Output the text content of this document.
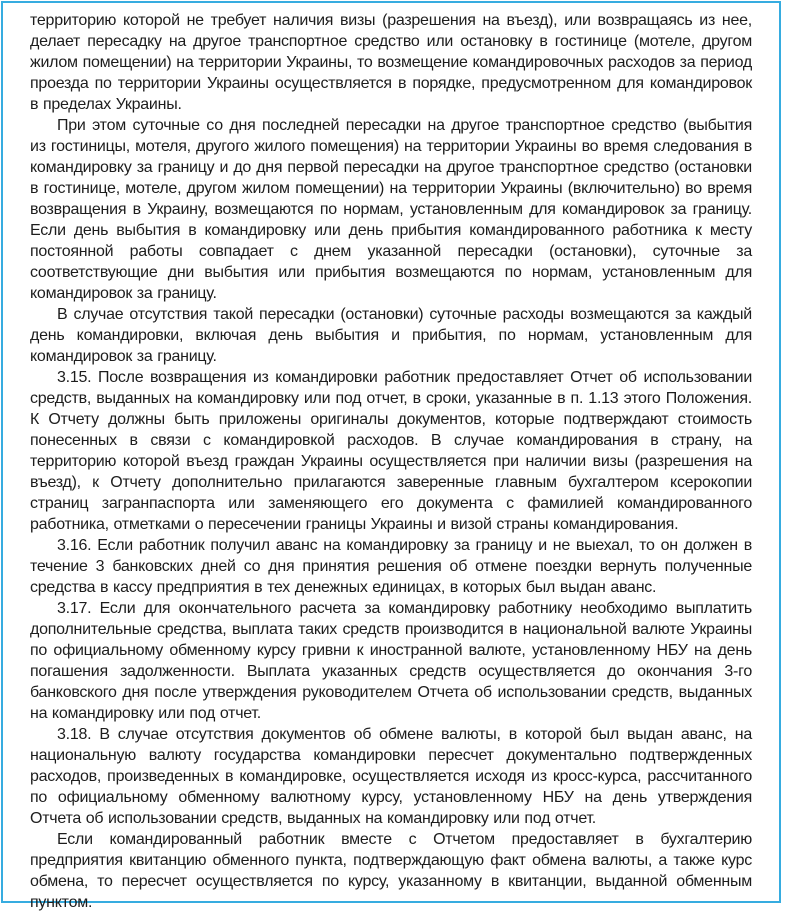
территорию которой не требует наличия визы (разрешения на въезд), или возвращаясь из нее, делает пересадку на другое транспортное средство или остановку в гостинице (мотеле, другом жилом помещении) на территории Украины, то возмещение командировочных расходов за период проезда по территории Украины осуществляется в порядке, предусмотренном для командировок в пределах Украины.

При этом суточные со дня последней пересадки на другое транспортное средство (выбытия из гостиницы, мотеля, другого жилого помещения) на территории Украины во время следования в командировку за границу и до дня первой пересадки на другое транспортное средство (остановки в гостинице, мотеле, другом жилом помещении) на территории Украины (включительно) во время возвращения в Украину, возмещаются по нормам, установленным для командировок за границу. Если день выбытия в командировку или день прибытия командированного работника к месту постоянной работы совпадает с днем указанной пересадки (остановки), суточные за соответствующие дни выбытия или прибытия возмещаются по нормам, установленным для командировок за границу.

В случае отсутствия такой пересадки (остановки) суточные расходы возмещаются за каждый день командировки, включая день выбытия и прибытия, по нормам, установленным для командировок за границу.

3.15. После возвращения из командировки работник предоставляет Отчет об использовании средств, выданных на командировку или под отчет, в сроки, указанные в п. 1.13 этого Положения. К Отчету должны быть приложены оригиналы документов, которые подтверждают стоимость понесенных в связи с командировкой расходов. В случае командирования в страну, на территорию которой въезд граждан Украины осуществляется при наличии визы (разрешения на въезд), к Отчету дополнительно прилагаются заверенные главным бухгалтером ксерокопии страниц загранпаспорта или заменяющего его документа с фамилией командированного работника, отметками о пересечении границы Украины и визой страны командирования.

3.16. Если работник получил аванс на командировку за границу и не выехал, то он должен в течение 3 банковских дней со дня принятия решения об отмене поездки вернуть полученные средства в кассу предприятия в тех денежных единицах, в которых был выдан аванс.

3.17. Если для окончательного расчета за командировку работнику необходимо выплатить дополнительные средства, выплата таких средств производится в национальной валюте Украины по официальному обменному курсу гривни к иностранной валюте, установленному НБУ на день погашения задолженности. Выплата указанных средств осуществляется до окончания 3-го банковского дня после утверждения руководителем Отчета об использовании средств, выданных на командировку или под отчет.

3.18. В случае отсутствия документов об обмене валюты, в которой был выдан аванс, на национальную валюту государства командировки пересчет документально подтвержденных расходов, произведенных в командировке, осуществляется исходя из кросс-курса, рассчитанного по официальному обменному валютному курсу, установленному НБУ на день утверждения Отчета об использовании средств, выданных на командировку или под отчет.

Если командированный работник вместе с Отчетом предоставляет в бухгалтерию предприятия квитанцию обменного пункта, подтверждающую факт обмена валюты, а также курс обмена, то пересчет осуществляется по курсу, указанному в квитанции, выданной обменным пунктом.
